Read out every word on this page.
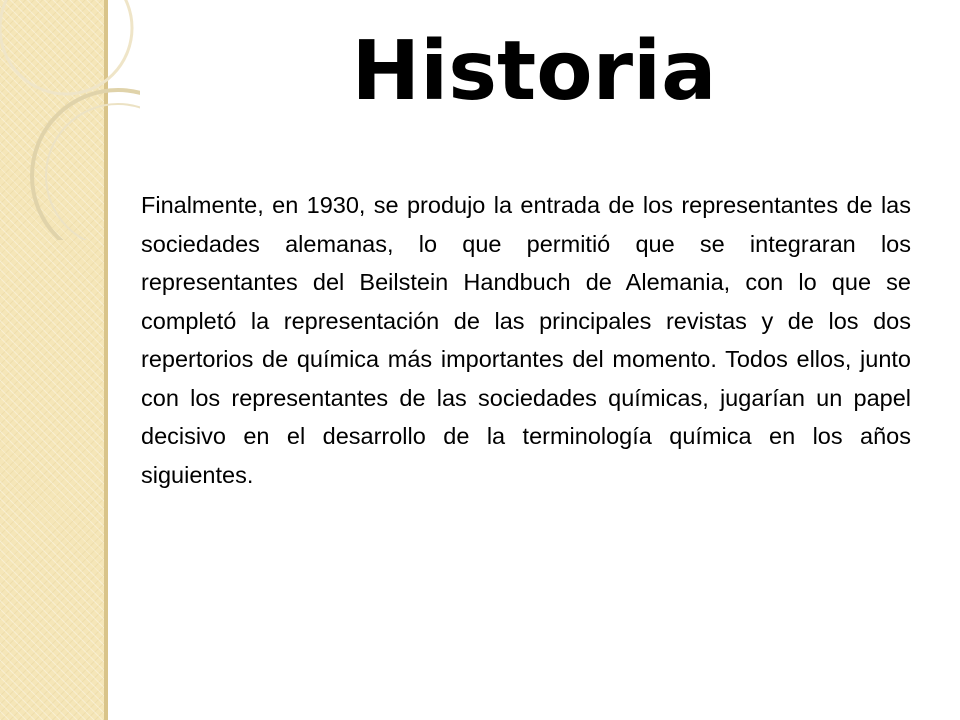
Historia

Finalmente, en 1930, se produjo la entrada de los representantes de las sociedades alemanas, lo que permitió que se integraran los representantes del Beilstein Handbuch de Alemania, con lo que se completó la representación de las principales revistas y de los dos repertorios de química más importantes del momento. Todos ellos, junto con los representantes de las sociedades químicas, jugarían un papel decisivo en el desarrollo de la terminología química en los años siguientes.
